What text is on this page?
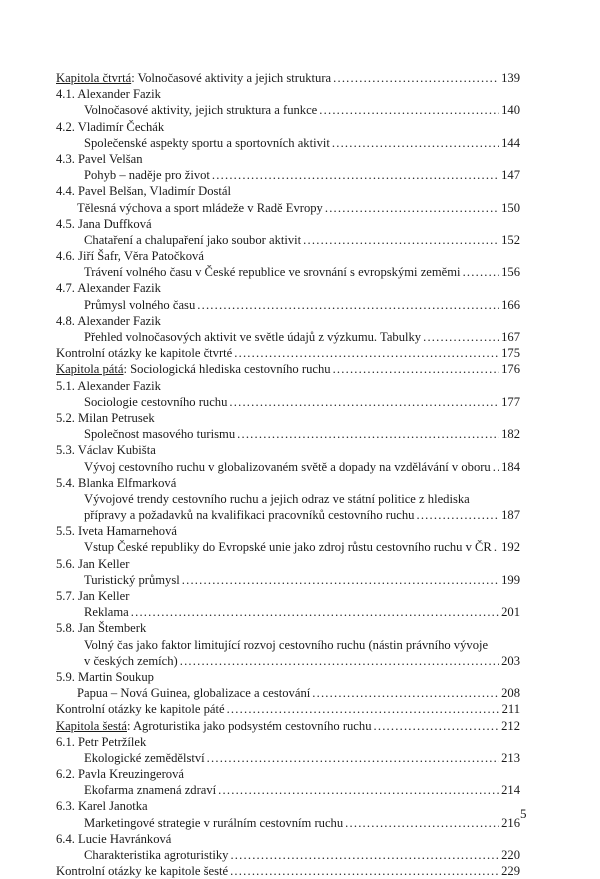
Kapitola čtvrtá: Volnočasové aktivity a jejich struktura .....	139
4.1. Alexander Fazik
Volnočasové aktivity, jejich struktura a funkce .....	140
4.2. Vladimír Čechák
Společenské aspekty sportu a sportovních aktivit .....	144
4.3. Pavel Velšan
Pohyb – naděje pro život .....	147
4.4. Pavel Belšan, Vladimír Dostál
Tělesná výchova a sport mládeže v Radě Evropy .....	150
4.5. Jana Duffková
Chataření a chalupaření jako soubor aktivit .....	152
4.6. Jiří Šafr, Věra Patočková
Trávení volného času v České republice ve srovnání s evropskými zeměmi .....	156
4.7. Alexander Fazik
Průmysl volného času .....	166
4.8. Alexander Fazik
Přehled volnočasových aktivit ve světle údajů z výzkumu. Tabulky .....	167
Kontrolní otázky ke kapitole čtvrté .....	175
Kapitola pátá: Sociologická hlediska cestovního ruchu .....	176
5.1. Alexander Fazik
Sociologie cestovního ruchu .....	177
5.2. Milan Petrusek
Společnost masového turismu .....	182
5.3. Václav Kubišta
Vývoj cestovního ruchu v globalizovaném světě a dopady na vzdělávání v oboru ..... 184
5.4. Blanka Elfmarková
Vývojové trendy cestovního ruchu a jejich odraz ve státní politice z hlediska
přípravy a požadavků na kvalifikaci pracovníků cestovního ruchu .....	187
5.5. Iveta Hamarneh​ová
Vstup České republiky do Evropské unie jako zdroj růstu cestovního ruchu v ČR ..... 192
5.6. Jan Keller
Turistický průmysl .....	199
5.7. Jan Keller
Reklama .....	201
5.8. Jan Štemberk
Volný čas jako faktor limitující rozvoj cestovního ruchu (nástin právního vývoje
v českých zemích) .....	203
5.9. Martin Soukup
Papua – Nová Guinea, globalizace a cestování .....	208
Kontrolní otázky ke kapitole páté .....	211
Kapitola šestá: Agroturistika jako podsystém cestovního ruchu .....	212
6.1. Petr Petržílek
Ekologické zemědělství .....	213
6.2. Pavla Kreuzingerová
Ekofarma znamená zdraví .....	214
6.3. Karel Janotka
Marketingové strategie v rurálním cestovním ruchu .....	216
6.4. Lucie Havránková
Charakteristika agroturistiky .....	220
Kontrolní otázky ke kapitole šesté .....	229
5
